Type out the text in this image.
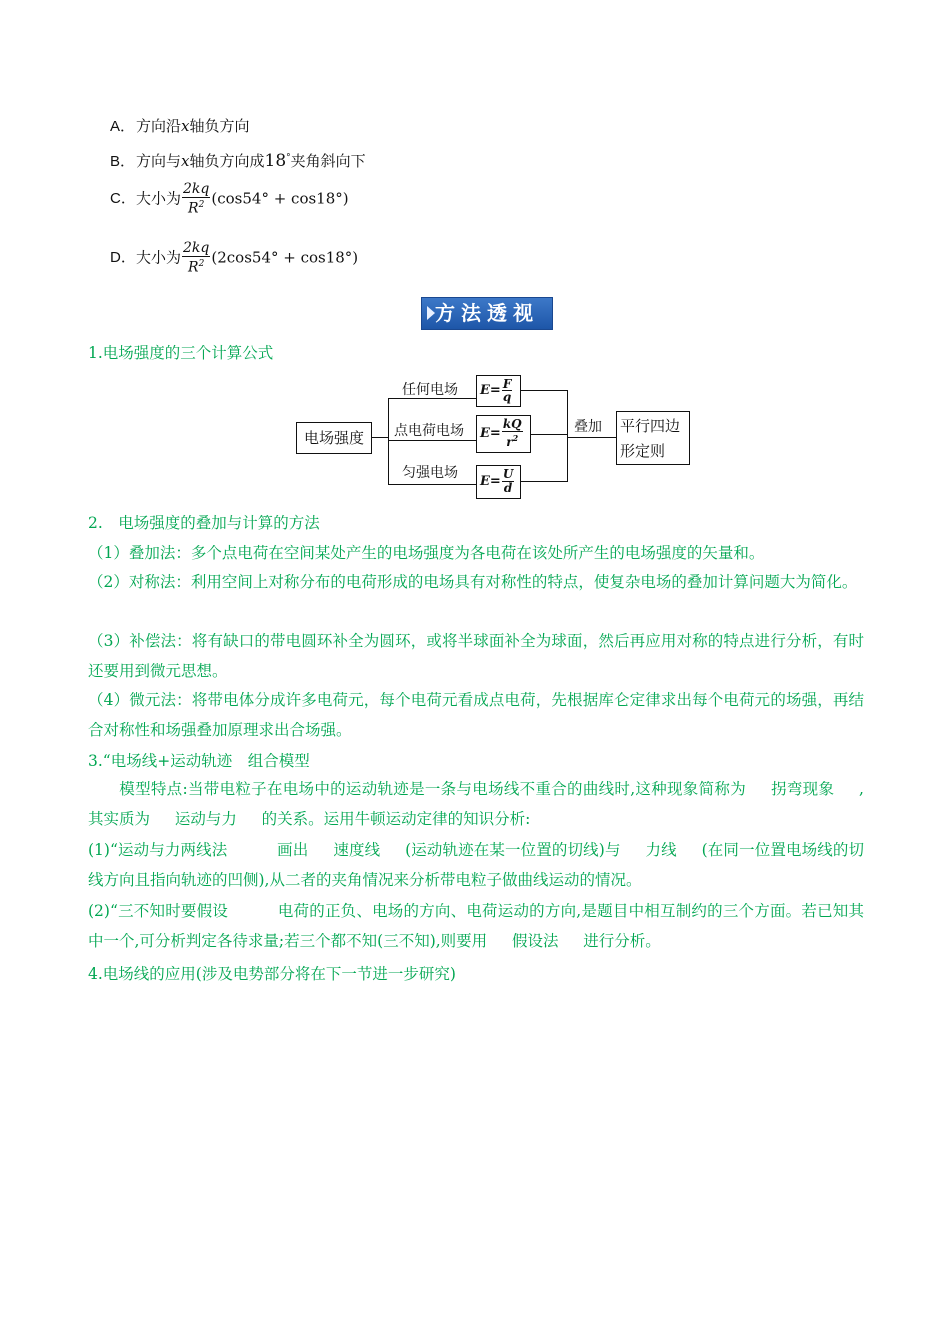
A．方向沿x轴负方向
B．方向与x轴负方向成18°夹角斜向下
C．大小为 $\frac{2kq}{R^2} (\cos 54^\circ + \cos 18^\circ)$
D．大小为 $\frac{2kq}{R^2} (2\cos 54^\circ + \cos 18^\circ)$
方法透视
1.电场强度的三个计算公式
电场强度
任何电场
点电荷电场
匀强电场
$E= \frac{F}{q}$
$E= \frac{kQ}{r^2}$
$E= \frac{U}{d}$
叠加 平行四边
形定则
2.　电场强度的叠加与计算的方法
（1）叠加法：多个点电荷在空间某处产生的电场强度为各电荷在该处所产生的电场强度的矢量和。
（2）对称法：利用空间上对称分布的电荷形成的电场具有对称性的特点，使复杂电场的叠加计算问题大为简化。
（3）补偿法：将有缺口的带电圆环补全为圆环，或将半球面补全为球面，然后再应用对称的特点进行分析，有时还要用到微元思想。
（4）微元法：将带电体分成许多电荷元，每个电荷元看成点电荷，先根据库仑定律求出每个电荷元的场强，再结合对称性和场强叠加原理求出合场强。
3.“电场线+运动轨迹　组合模型
模型特点:当带电粒子在电场中的运动轨迹是一条与电场线不重合的曲线时,这种现象简称为 拐弯现象 ,其实质为 运动与力 的关系。运用牛顿运动定律的知识分析:
(1)“运动与力两线法	画出 速度线 (运动轨迹在某一位置的切线)与 力线 (在同一位置电场线的切线方向且指向轨迹的凹侧),从二者的夹角情况来分析带电粒子做曲线运动的情况。
(2)“三不知时要假设	电荷的正负、电场的方向、电荷运动的方向,是题目中相互制约的三个方面。若已知其中一个,可分析判定各待求量;若三个都不知(三不知),则要用 假设法 进行分析。
4.电场线的应用(涉及电势部分将在下一节进一步研究)
